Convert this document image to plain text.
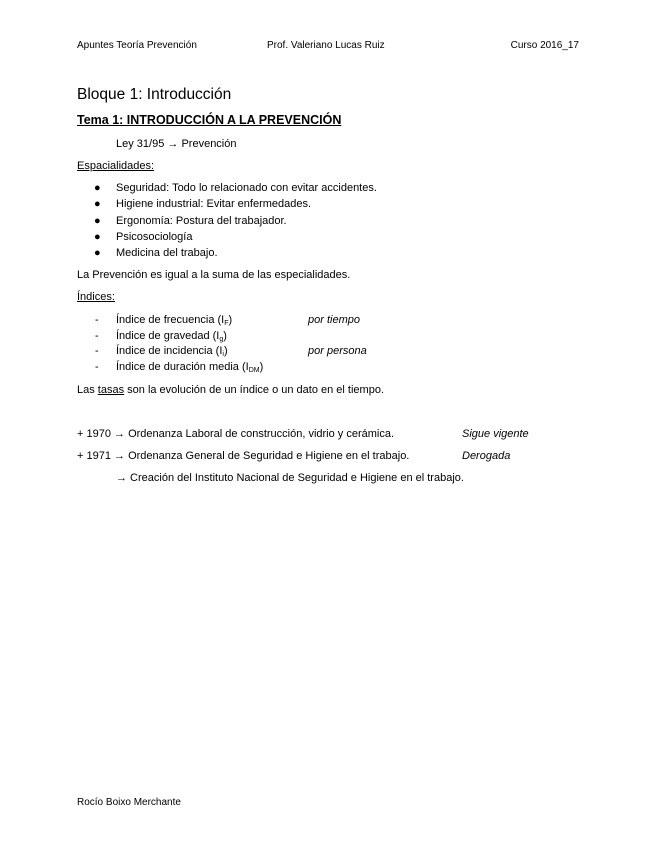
Apuntes Teoría Prevención	Prof. Valeriano Lucas Ruiz	Curso 2016_17
Bloque 1: Introducción
Tema 1: INTRODUCCIÓN A LA PREVENCIÓN
Ley 31/95 → Prevención
Espacialidades:
● Seguridad: Todo lo relacionado con evitar accidentes.
● Higiene industrial: Evitar enfermedades.
● Ergonomía: Postura del trabajador.
● Psicosociología
● Medicina del trabajo.
La Prevención es igual a la suma de las especialidades.
Índices:
- Índice de frecuencia $(I_F)$	por tiempo
- Índice de gravedad $(I_g)$
- Índice de incidencia $(I_i)$	por persona
- Índice de duración media $(I_{DM})$
Las tasas son la evolución de un índice o un dato en el tiempo.
+ 1970 → Ordenanza Laboral de construcción, vidrio y cerámica.	Sigue vigente
+ 1971 → Ordenanza General de Seguridad e Higiene en el trabajo.	Derogada
→ Creación del Instituto Nacional de Seguridad e Higiene en el trabajo.
Rocío Boixo Merchante
